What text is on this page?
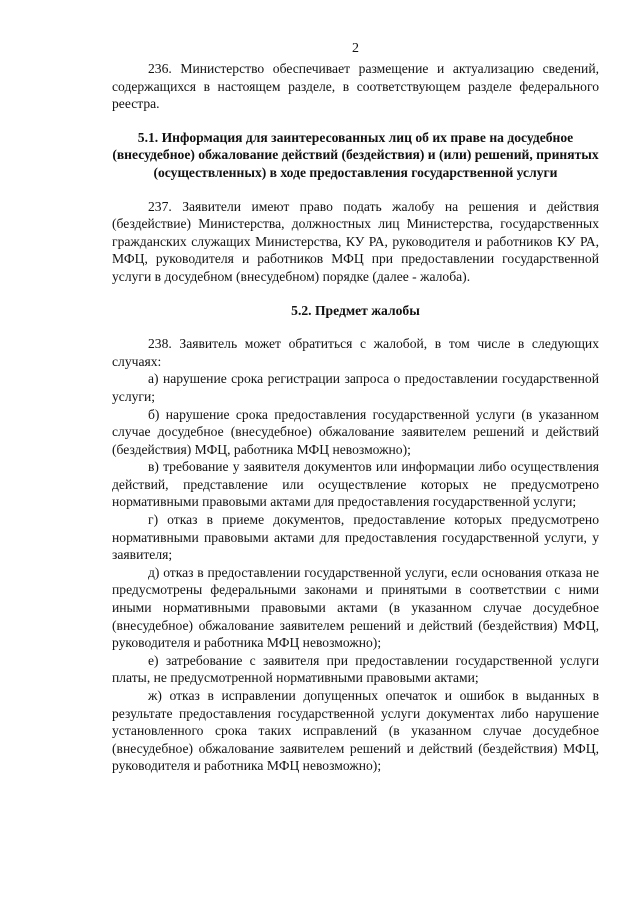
2

236. Министерство обеспечивает размещение и актуализацию сведений, содержащихся в настоящем разделе, в соответствующем разделе федерального реестра.

5.1. Информация для заинтересованных лиц об их праве на досудебное (внесудебное) обжалование действий (бездействия) и (или) решений, принятых (осуществленных) в ходе предоставления государственной услуги

237. Заявители имеют право подать жалобу на решения и действия (бездействие) Министерства, должностных лиц Министерства, государственных гражданских служащих Министерства, КУ РА, руководителя и работников КУ РА, МФЦ, руководителя и работников МФЦ при предоставлении государственной услуги в досудебном (внесудебном) порядке (далее - жалоба).

5.2. Предмет жалобы

238. Заявитель может обратиться с жалобой, в том числе в следующих случаях:

а) нарушение срока регистрации запроса о предоставлении государственной услуги;

б) нарушение срока предоставления государственной услуги (в указанном случае досудебное (внесудебное) обжалование заявителем решений и действий (бездействия) МФЦ, работника МФЦ невозможно);

в) требование у заявителя документов или информации либо осуществления действий, представление или осуществление которых не предусмотрено нормативными правовыми актами для предоставления государственной услуги;

г) отказ в приеме документов, предоставление которых предусмотрено нормативными правовыми актами для предоставления государственной услуги, у заявителя;

д) отказ в предоставлении государственной услуги, если основания отказа не предусмотрены федеральными законами и принятыми в соответствии с ними иными нормативными правовыми актами (в указанном случае досудебное (внесудебное) обжалование заявителем решений и действий (бездействия) МФЦ, руководителя и работника МФЦ невозможно);

е) затребование с заявителя при предоставлении государственной услуги платы, не предусмотренной нормативными правовыми актами;

ж) отказ в исправлении допущенных опечаток и ошибок в выданных в результате предоставления государственной услуги документах либо нарушение установленного срока таких исправлений (в указанном случае досудебное (внесудебное) обжалование заявителем решений и действий (бездействия) МФЦ, руководителя и работника МФЦ невозможно);
